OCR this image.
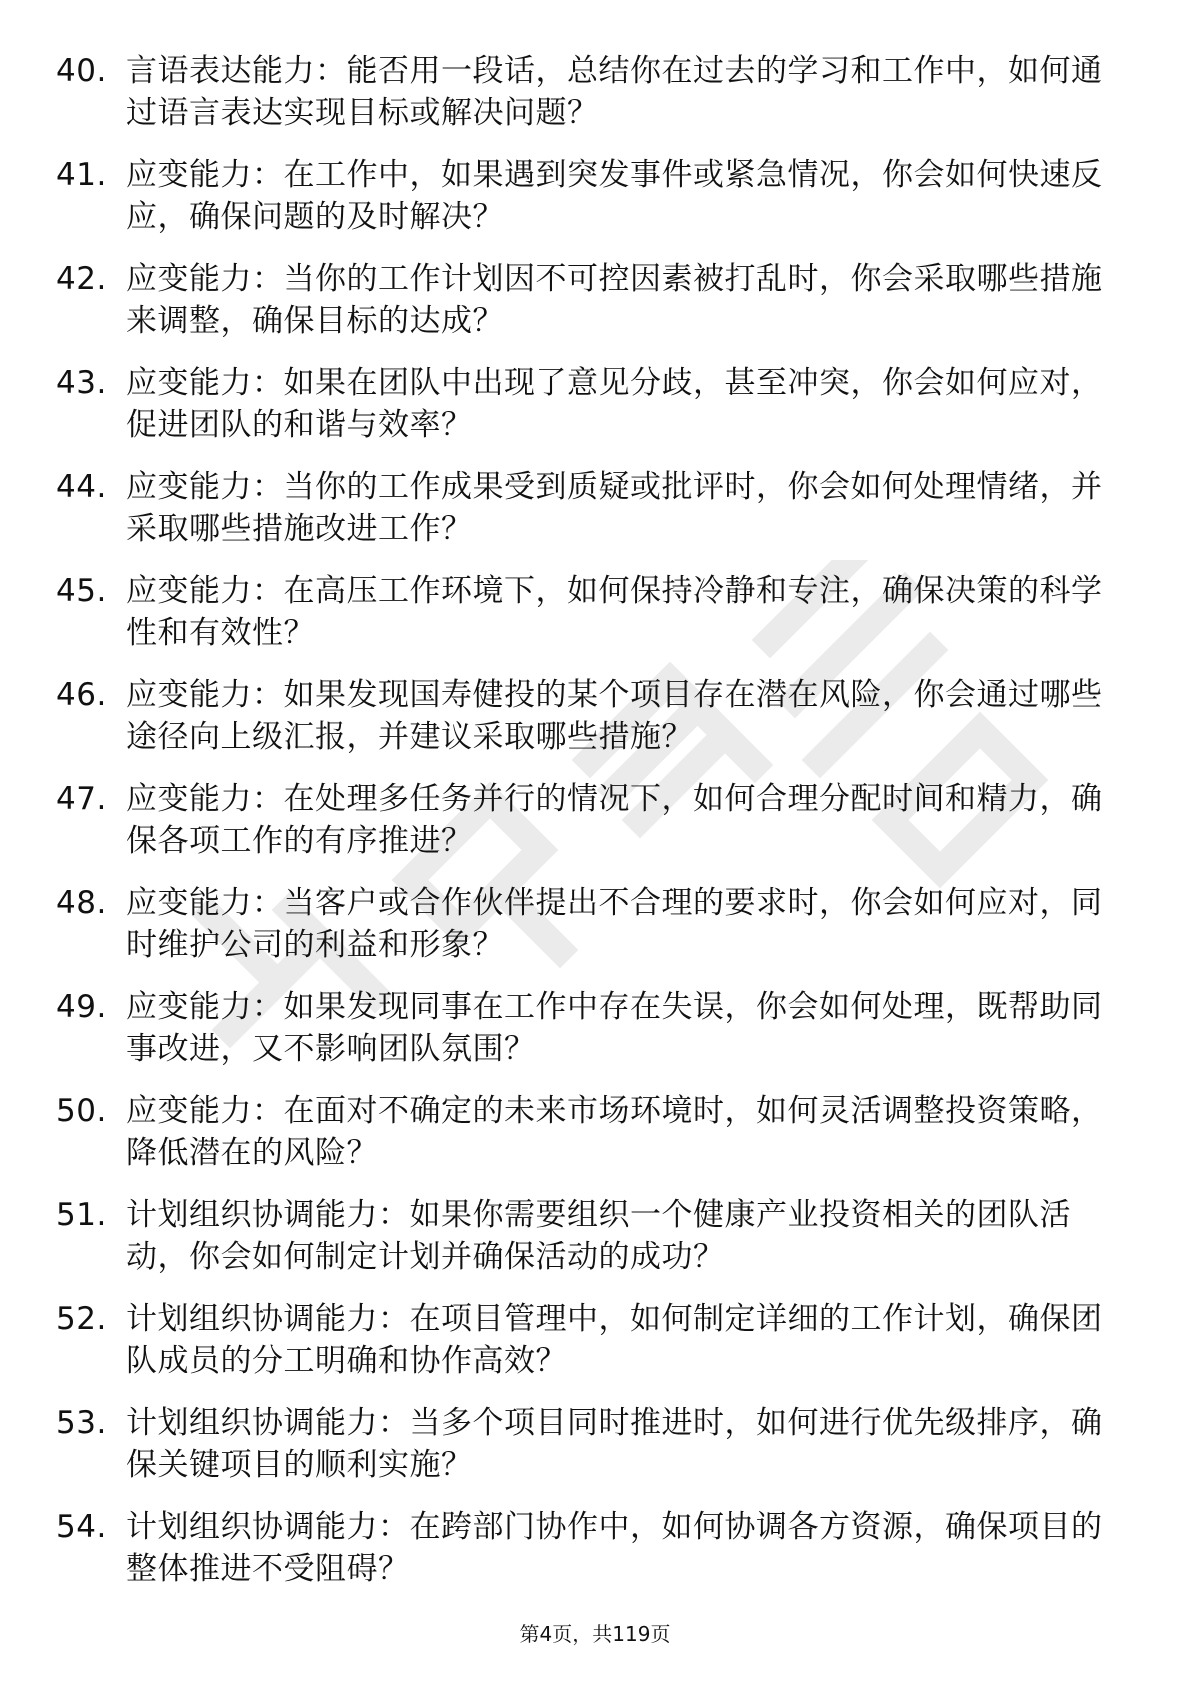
40. 言语表达能力：能否用一段话，总结你在过去的学习和工作中，如何通过语言表达实现目标或解决问题？
41. 应变能力：在工作中，如果遇到突发事件或紧急情况，你会如何快速反应，确保问题的及时解决？
42. 应变能力：当你的工作计划因不可控因素被打乱时，你会采取哪些措施来调整，确保目标的达成？
43. 应变能力：如果在团队中出现了意见分歧，甚至冲突，你会如何应对，促进团队的和谐与效率？
44. 应变能力：当你的工作成果受到质疑或批评时，你会如何处理情绪，并采取哪些措施改进工作？
45. 应变能力：在高压工作环境下，如何保持冷静和专注，确保决策的科学性和有效性？
46. 应变能力：如果发现国寿健投的某个项目存在潜在风险，你会通过哪些途径向上级汇报，并建议采取哪些措施？
47. 应变能力：在处理多任务并行的情况下，如何合理分配时间和精力，确保各项工作的有序推进？
48. 应变能力：当客户或合作伙伴提出不合理的要求时，你会如何应对，同时维护公司的利益和形象？
49. 应变能力：如果发现同事在工作中存在失误，你会如何处理，既帮助同事改进，又不影响团队氛围？
50. 应变能力：在面对不确定的未来市场环境时，如何灵活调整投资策略，降低潜在的风险？
51. 计划组织协调能力：如果你需要组织一个健康产业投资相关的团队活动，你会如何制定计划并确保活动的成功？
52. 计划组织协调能力：在项目管理中，如何制定详细的工作计划，确保团队成员的分工明确和协作高效？
53. 计划组织协调能力：当多个项目同时推进时，如何进行优先级排序，确保关键项目的顺利实施？
54. 计划组织协调能力：在跨部门协作中，如何协调各方资源，确保项目的整体推进不受阻碍？
第4页，共119页
